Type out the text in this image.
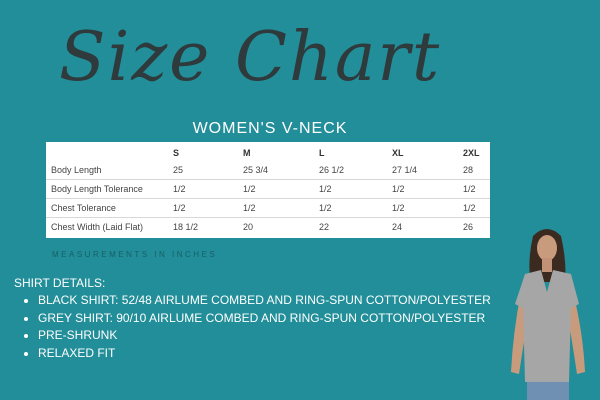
Size Chart
WOMEN'S V-NECK
	S	M	L	XL	2XL
Body Length	25	25 3/4	26 1/2	27 1/4	28
Body Length Tolerance	1/2	1/2	1/2	1/2	1/2
Chest Tolerance	1/2	1/2	1/2	1/2	1/2
Chest Width (Laid Flat)	18 1/2	20	22	24	26
MEASUREMENTS IN INCHES
SHIRT DETAILS:
• BLACK SHIRT: 52/48 AIRLUME COMBED AND RING-SPUN COTTON/POLYESTER
• GREY SHIRT: 90/10 AIRLUME COMBED AND RING-SPUN COTTON/POLYESTER
• PRE-SHRUNK
• RELAXED FIT
